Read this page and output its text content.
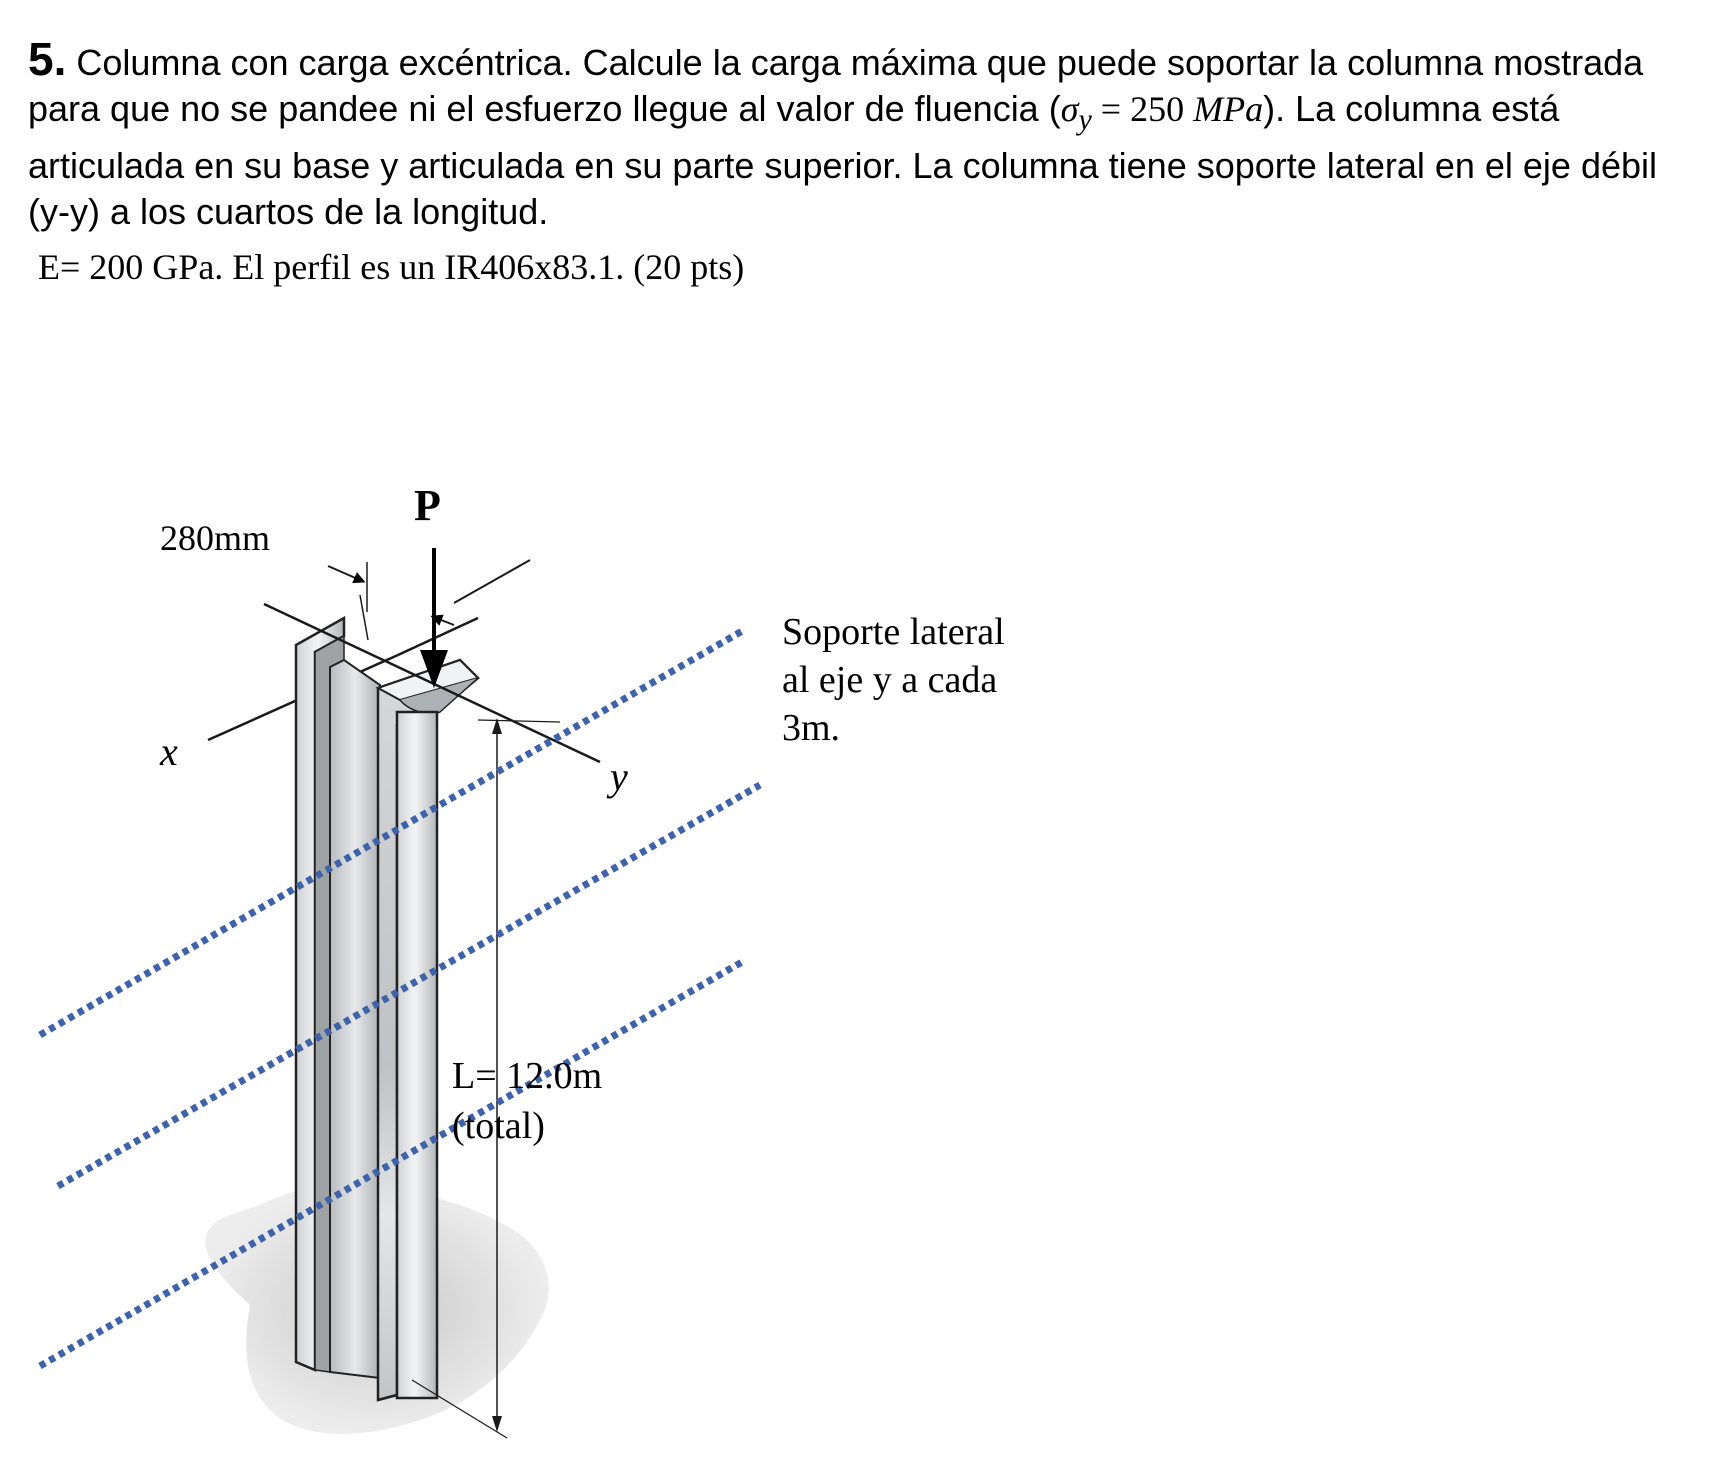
5. Columna con carga excéntrica. Calcule la carga máxima que puede soportar la columna mostrada para que no se pandee ni el esfuerzo llegue al valor de fluencia ($\sigma_y = 250$ MPa). La columna está articulada en su base y articulada en su parte superior. La columna tiene soporte lateral en el eje débil (y-y) a los cuartos de la longitud.

E= 200 GPa. El perfil es un IR406x83.1. (20 pts)
280mm
P
x
y
L= 12.0m
(total)
Soporte lateral
al eje y a cada
3m.
